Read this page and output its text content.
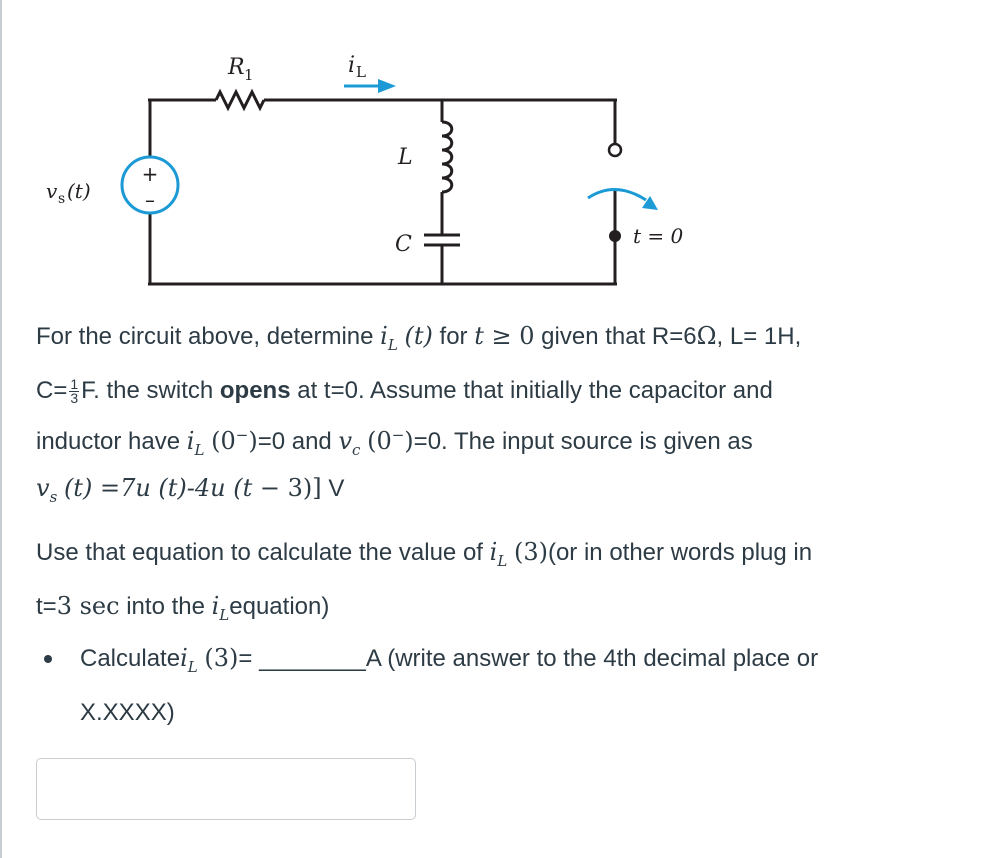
+
–
R 1	i L
v s (t)
L
C	t = 0

For the circuit above, determine $i_L$ (t) for t ≥ 0 given that R=6Ω, L= 1H,
$C= \frac{1}{3} F$. the switch opens at t=0. Assume that initially the capacitor and
inductor have $i_L$ (0−)=0 and $v_c$ (0−)=0. The input source is given as

$v_s$ (t) =7u (t)-4u (t − 3)] V

Use that equation to calculate the value of $i_L$ (3)(or in other words plug in
t=3 sec into the $i_Lequation$)

Calculatei$_L$ (3)= ________A (write answer to the 4th decimal place or
X.XXXX)
